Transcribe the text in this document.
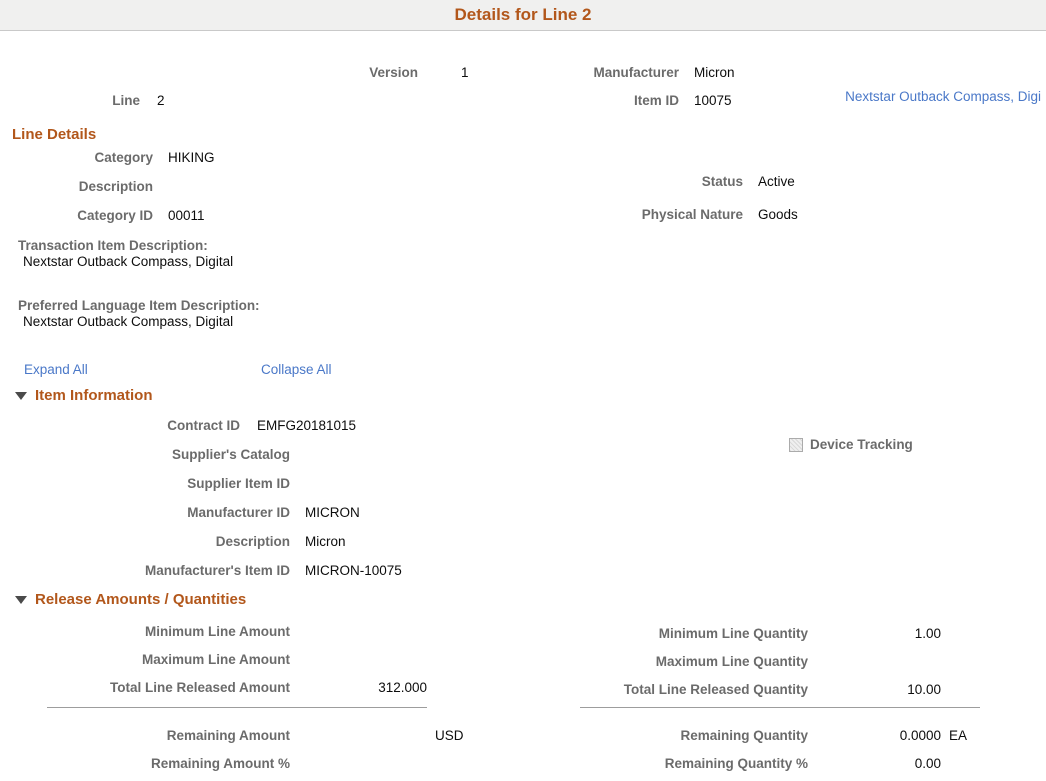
Details for Line 2
Version	1	Manufacturer Micron
Line 2	Item ID 10075	Nextstar Outback Compass, Digi
Line Details
Category HIKING
Description
Category ID 00011
Status Active
Physical Nature Goods
Transaction Item Description:
Nextstar Outback Compass, Digital
Preferred Language Item Description:
Nextstar Outback Compass, Digital
Expand All	Collapse All
Item Information
Contract ID EMFG20181015
Supplier's Catalog
Supplier Item ID
Manufacturer ID MICRON
Description Micron
Manufacturer's Item ID MICRON-10075
Device Tracking
Release Amounts / Quantities
Minimum Line Amount
Maximum Line Amount
Total Line Released Amount	312.000
Minimum Line Quantity	1.00
Maximum Line Quantity
Total Line Released Quantity	10.00
Remaining Amount	USD
Remaining Amount %
Remaining Quantity	0.0000 EA
Remaining Quantity %	0.00
